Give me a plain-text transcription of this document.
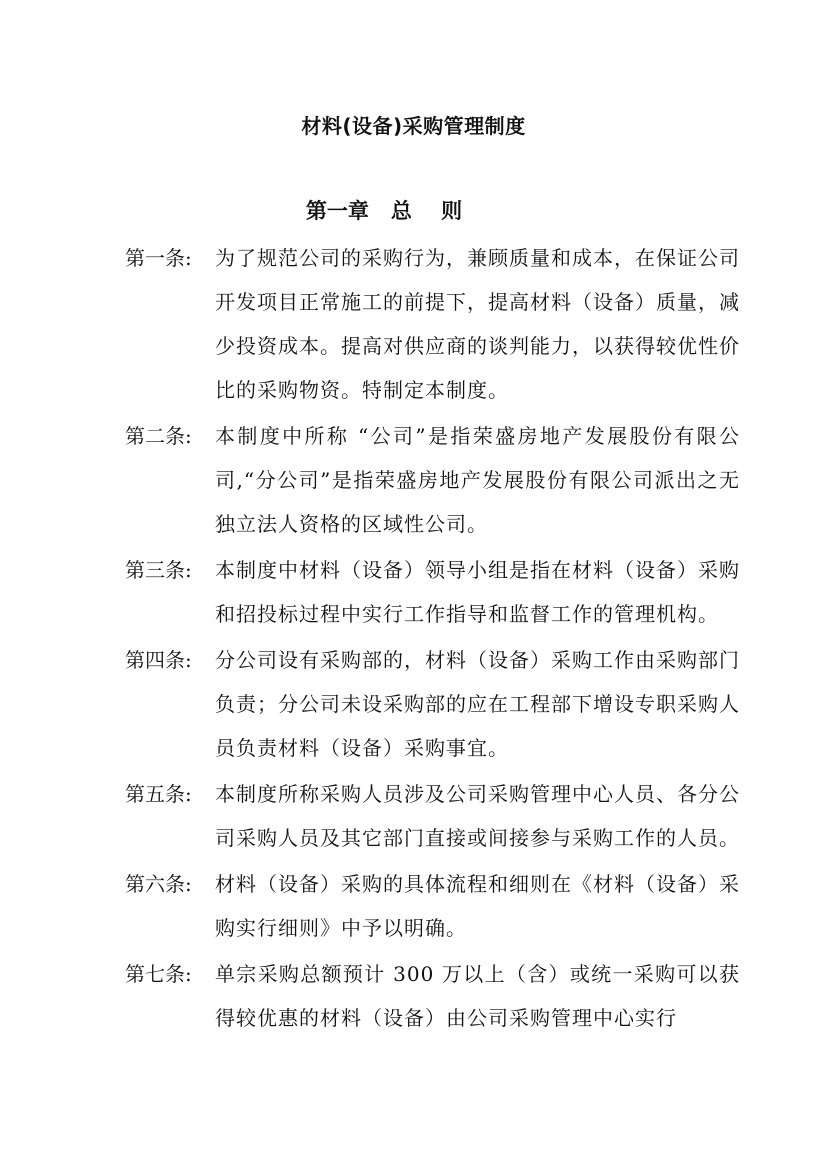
材料(设备)采购管理制度
第一章   总    则
第一条:	为了规范公司的采购行为，兼顾质量和成本，在保证公司开发项目正常施工的前提下，提高材料（设备）质量，减少投资成本。提高对供应商的谈判能力，以获得较优性价比的采购物资。特制定本制度。
第二条:	本制度中所称 “公司”是指荣盛房地产发展股份有限公司,“分公司”是指荣盛房地产发展股份有限公司派出之无独立法人资格的区域性公司。
第三条:	本制度中材料（设备）领导小组是指在材料（设备）采购和招投标过程中实行工作指导和监督工作的管理机构。
第四条:	分公司设有采购部的，材料（设备）采购工作由采购部门负责；分公司未设采购部的应在工程部下增设专职采购人员负责材料（设备）采购事宜。
第五条:	本制度所称采购人员涉及公司采购管理中心人员、各分公司采购人员及其它部门直接或间接参与采购工作的人员。
第六条:	材料（设备）采购的具体流程和细则在《材料（设备）采购实行细则》中予以明确。
第七条:	单宗采购总额预计 300 万以上（含）或统一采购可以获得较优惠的材料（设备）由公司采购管理中心实行
